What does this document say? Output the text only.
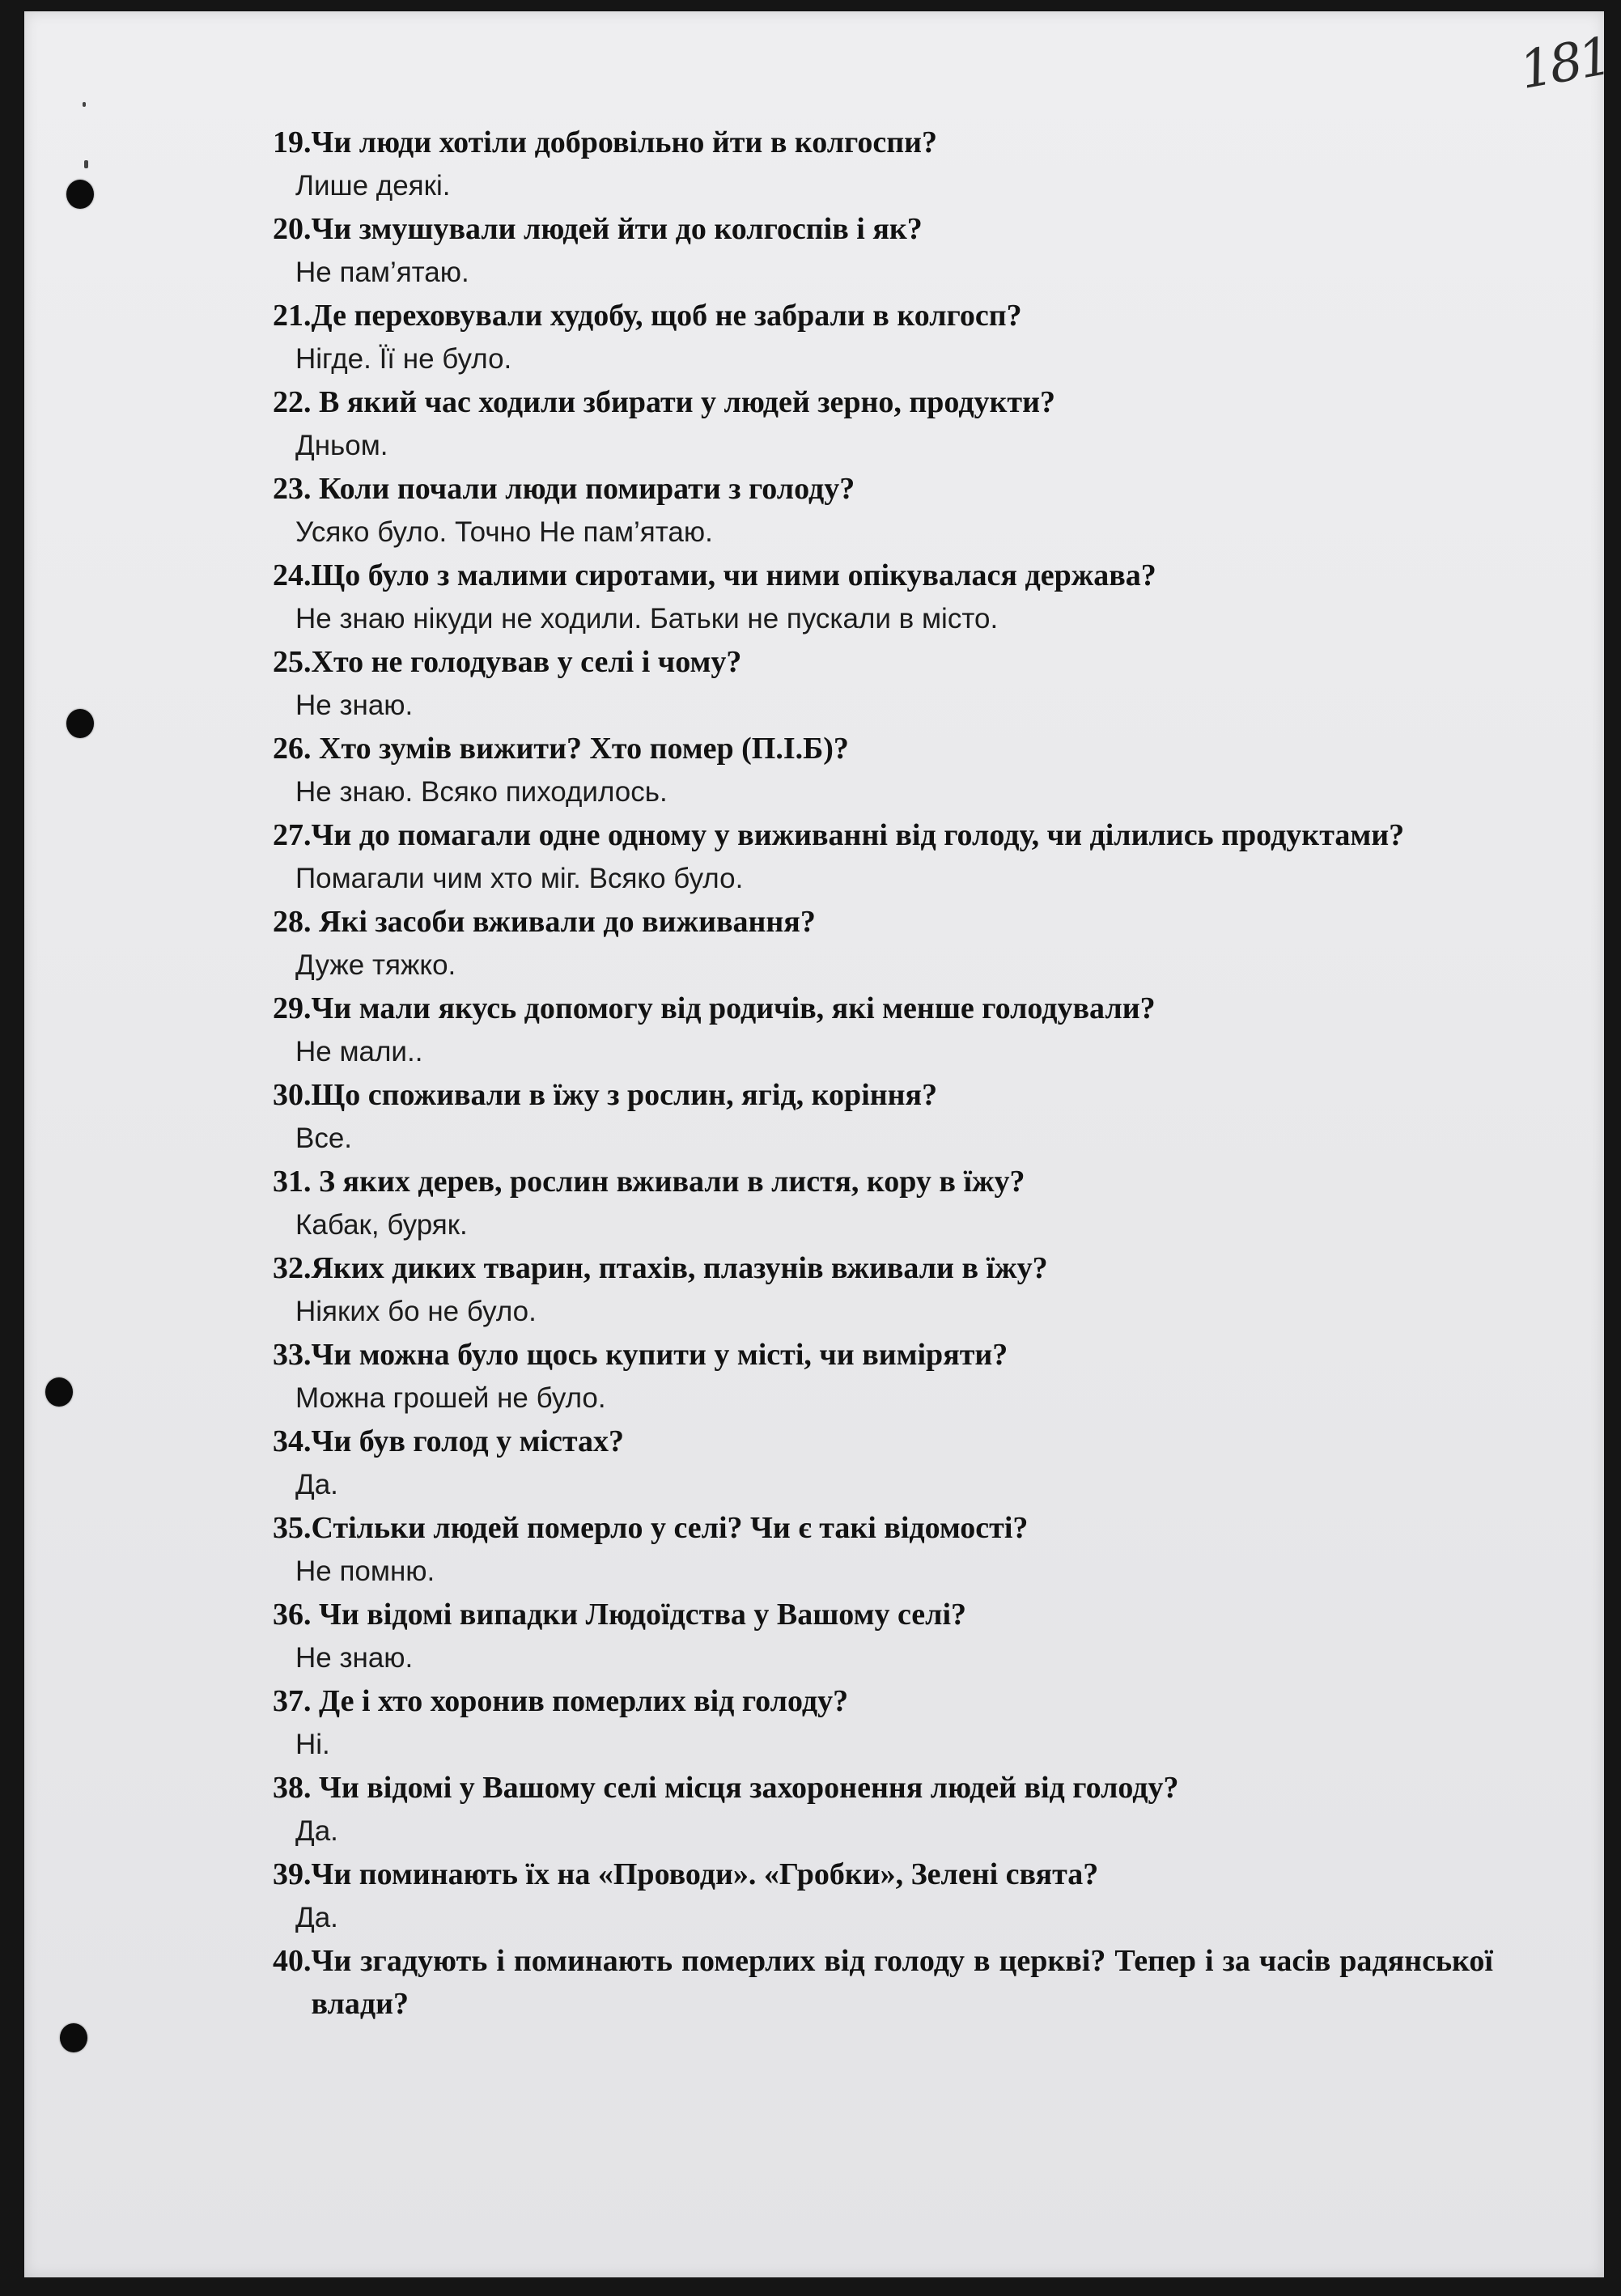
181
19. Чи люди хотіли добровільно йти в колгоспи?
Лише деякі.
20. Чи змушували людей йти до колгоспів і як?
Не пам’ятаю.
21. Де переховували худобу, щоб не забрали в колгосп?
Нігде. Її не було.
22. В який час ходили збирати у людей зерно, продукти?
Дньом.
23. Коли почали люди помирати з голоду?
Усяко було. Точно Не пам’ятаю.
24. Що було з малими сиротами, чи ними опікувалася держава?
Не знаю нікуди не ходили. Батьки не пускали в місто.
25. Хто не голодував у селі і чому?
Не знаю.
26. Хто зумів вижити? Хто помер (П.І.Б)?
Не знаю. Всяко пиходилось.
27. Чи до помагали одне одному у виживанні від голоду, чи ділились продуктами?
Помагали чим хто міг. Всяко було.
28. Які засоби вживали до виживання?
Дуже тяжко.
29. Чи мали якусь допомогу від родичів, які менше голодували?
Не мали..
30. Що споживали в їжу з рослин, ягід, коріння?
Все.
31. З яких дерев, рослин вживали в листя, кору в їжу?
Кабак, буряк.
32. Яких диких тварин, птахів, плазунів вживали в їжу?
Ніяких бо не було.
33. Чи можна було щось купити у місті, чи виміряти?
Можна грошей не було.
34. Чи був голод у містах?
Да.
35. Стільки людей померло у селі? Чи є такі відомості?
Не помню.
36. Чи відомі випадки Людоїдства у Вашому селі?
Не знаю.
37. Де і хто хоронив померлих від голоду?
Ні.
38. Чи відомі у Вашому селі місця захоронення людей від голоду?
Да.
39. Чи поминають їх на «Проводи». «Гробки», Зелені свята?
Да.
40. Чи згадують і поминають померлих від голоду в церкві? Тепер і за часів радянської влади?
